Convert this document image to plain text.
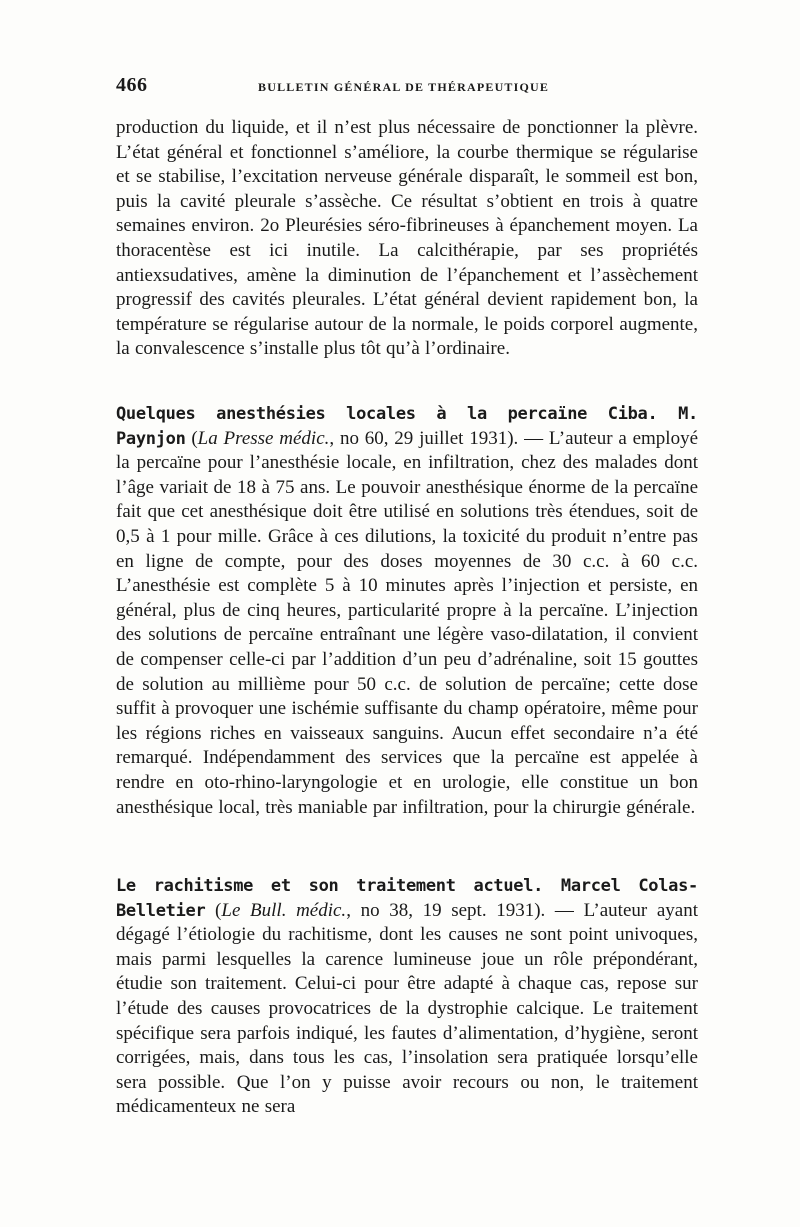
466	BULLETIN GÉNÉRAL DE THÉRAPEUTIQUE

production du liquide, et il n’est plus nécessaire de ponctionner la plèvre. L’état général et fonctionnel s’améliore, la courbe thermique se régularise et se stabilise, l’excitation nerveuse générale disparaît, le sommeil est bon, puis la cavité pleurale s’assèche. Ce résultat s’obtient en trois à quatre semaines environ. 2o Pleurésies séro-fibrineuses à épanchement moyen. La thoracentèse est ici inutile. La calcithérapie, par ses propriétés antiexsudatives, amène la diminution de l’épanchement et l’assèchement progressif des cavités pleurales. L’état général devient rapidement bon, la température se régularise autour de la normale, le poids corporel augmente, la convalescence s’installe plus tôt qu’à l’ordinaire.

Quelques anesthésies locales à la percaïne Ciba. M. Paynjon (La Presse médic., no 60, 29 juillet 1931). — L’auteur a employé la percaïne pour l’anesthésie locale, en infiltration, chez des malades dont l’âge variait de 18 à 75 ans. Le pouvoir anesthésique énorme de la percaïne fait que cet anesthésique doit être utilisé en solutions très étendues, soit de 0,5 à 1 pour mille. Grâce à ces dilutions, la toxicité du produit n’entre pas en ligne de compte, pour des doses moyennes de 30 c.c. à 60 c.c. L’anesthésie est complète 5 à 10 minutes après l’injection et persiste, en général, plus de cinq heures, particularité propre à la percaïne. L’injection des solutions de percaïne entraînant une légère vaso-dilatation, il convient de compenser celle-ci par l’addition d’un peu d’adrénaline, soit 15 gouttes de solution au millième pour 50 c.c. de solution de percaïne; cette dose suffit à provoquer une ischémie suffisante du champ opératoire, même pour les régions riches en vaisseaux sanguins. Aucun effet secondaire n’a été remarqué. Indépendamment des services que la percaïne est appelée à rendre en oto-rhino-laryngologie et en urologie, elle constitue un bon anesthésique local, très maniable par infiltration, pour la chirurgie générale.

Le rachitisme et son traitement actuel. Marcel Colas-Belletier (Le Bull. médic., no 38, 19 sept. 1931). — L’auteur ayant dégagé l’étiologie du rachitisme, dont les causes ne sont point univoques, mais parmi lesquelles la carence lumineuse joue un rôle prépondérant, étudie son traitement. Celui-ci pour être adapté à chaque cas, repose sur l’étude des causes provocatrices de la dystrophie calcique. Le traitement spécifique sera parfois indiqué, les fautes d’alimentation, d’hygiène, seront corrigées, mais, dans tous les cas, l’insolation sera pratiquée lorsqu’elle sera possible. Que l’on y puisse avoir recours ou non, le traitement médicamenteux ne sera
